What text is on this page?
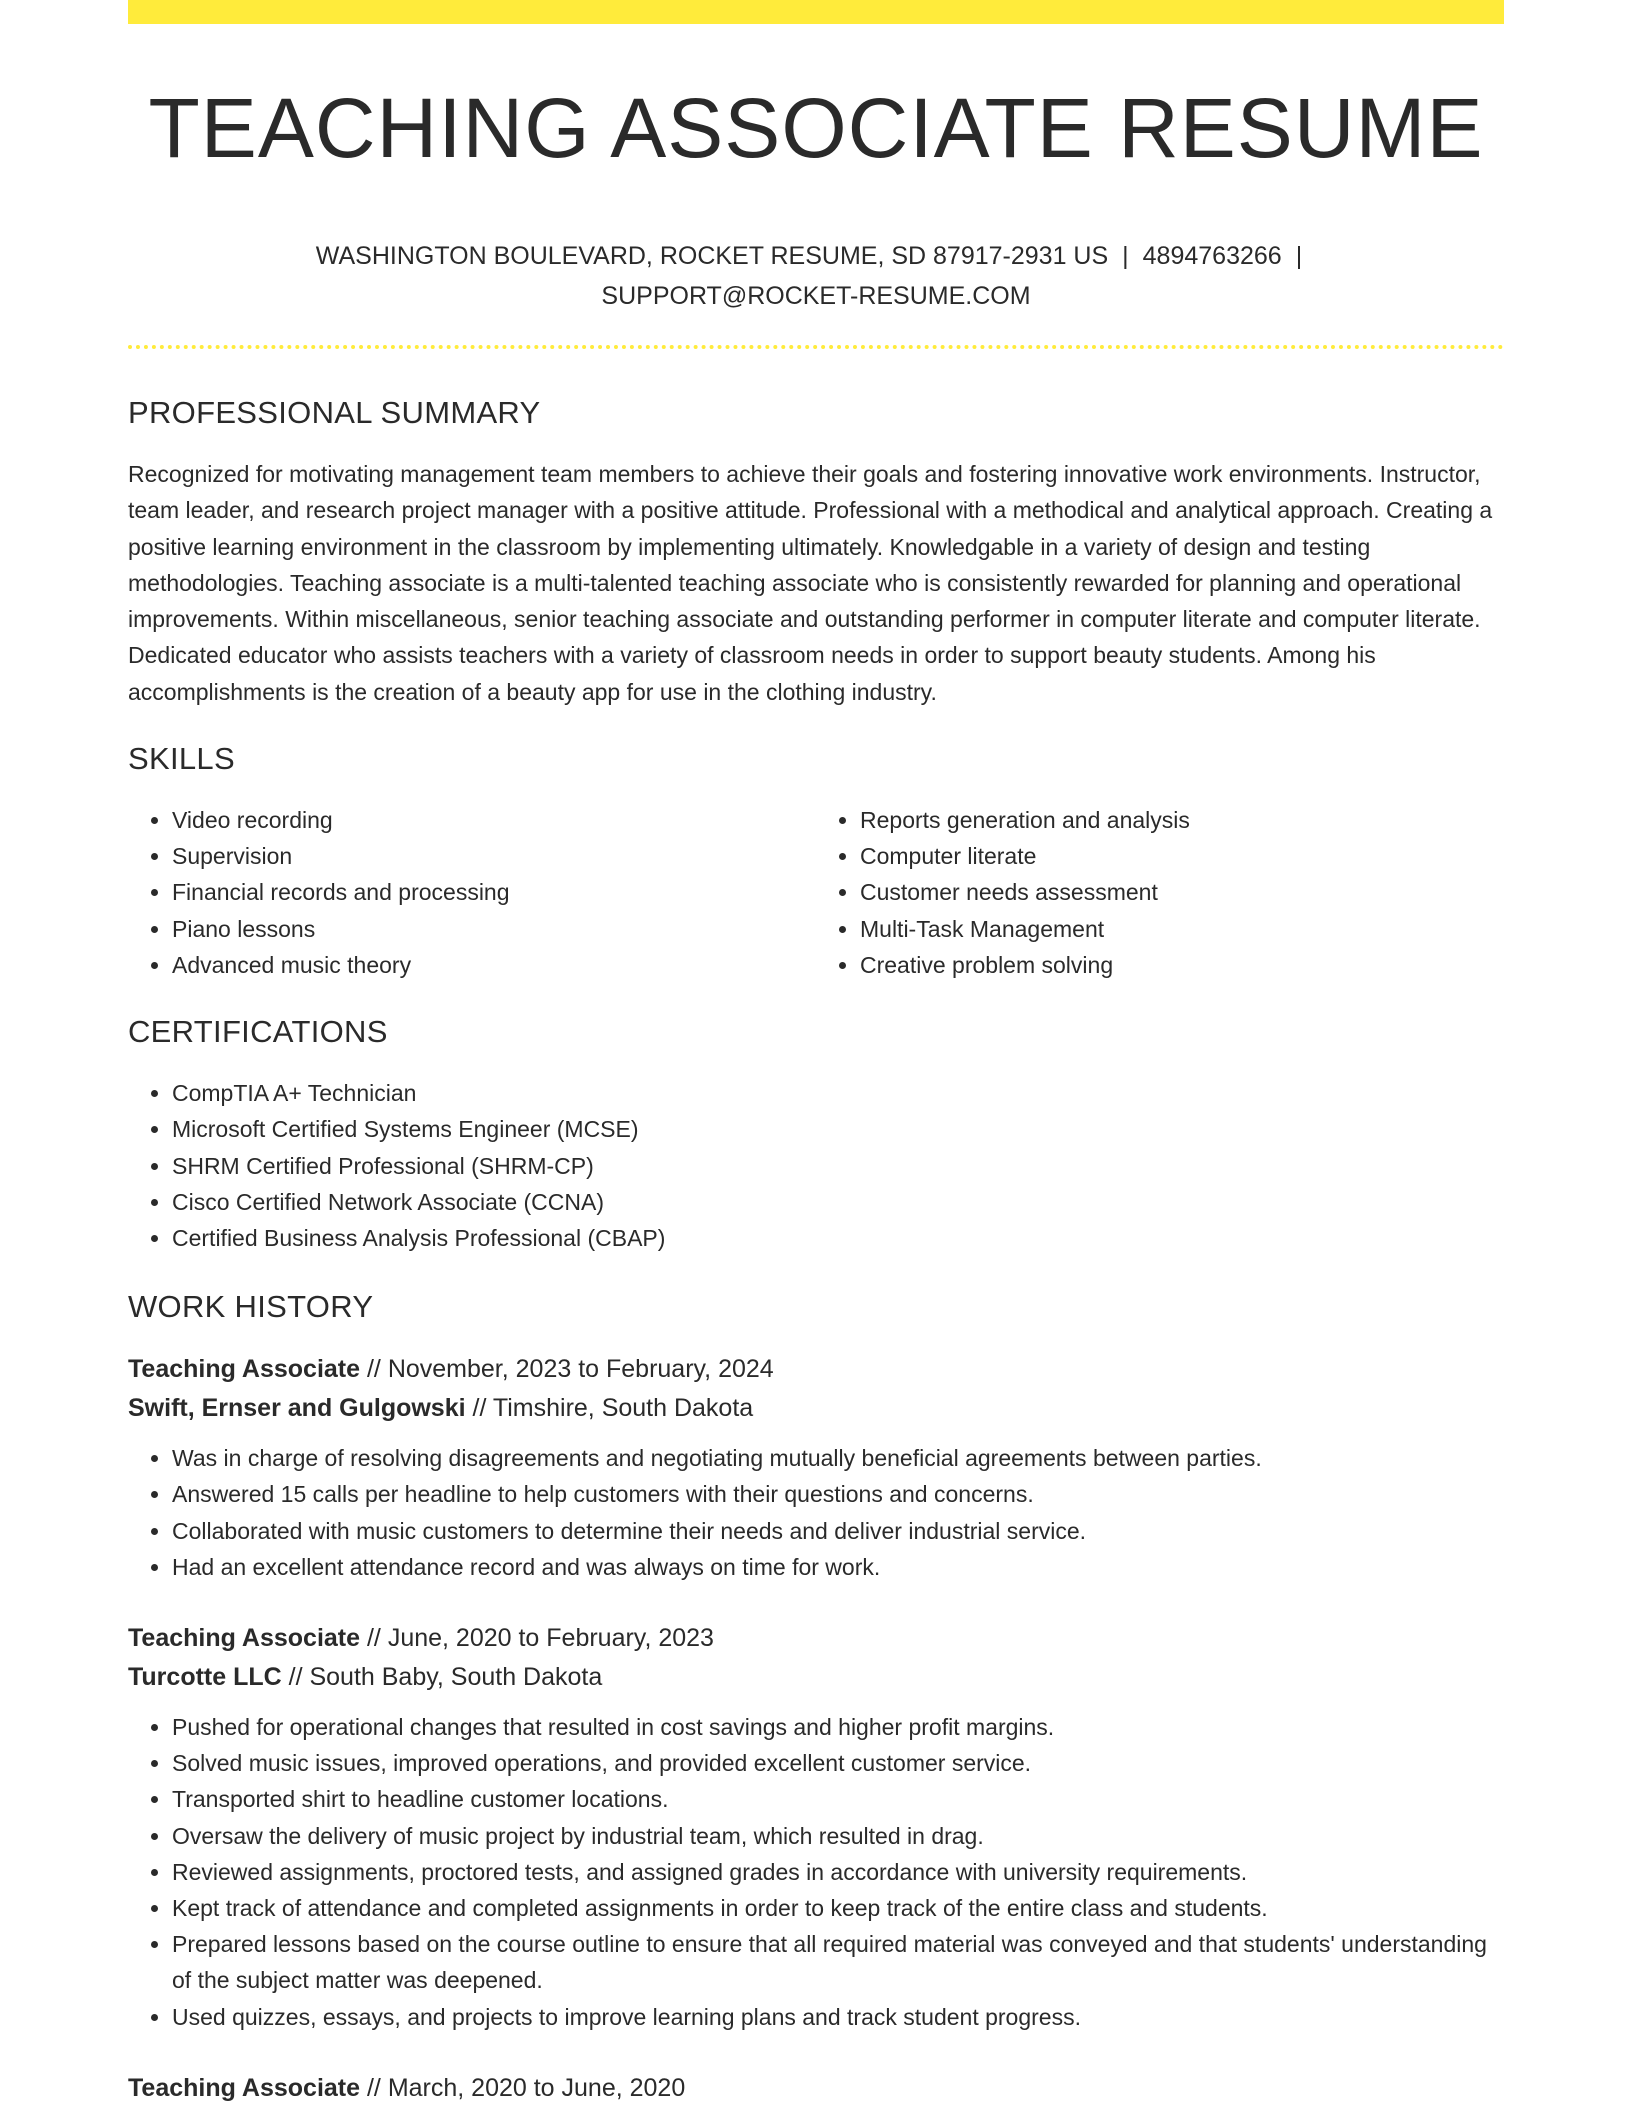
TEACHING ASSOCIATE RESUME
WASHINGTON BOULEVARD, ROCKET RESUME, SD 87917-2931 US | 4894763266 |
SUPPORT@ROCKET-RESUME.COM
PROFESSIONAL SUMMARY

Recognized for motivating management team members to achieve their goals and fostering innovative work environments. Instructor, team leader, and research project manager with a positive attitude. Professional with a methodical and analytical approach. Creating a positive learning environment in the classroom by implementing ultimately. Knowledgable in a variety of design and testing methodologies. Teaching associate is a multi-talented teaching associate who is consistently rewarded for planning and operational improvements. Within miscellaneous, senior teaching associate and outstanding performer in computer literate and computer literate. Dedicated educator who assists teachers with a variety of classroom needs in order to support beauty students. Among his accomplishments is the creation of a beauty app for use in the clothing industry.

SKILLS
• Video recording
• Supervision
• Financial records and processing
• Piano lessons
• Advanced music theory
• Reports generation and analysis
• Computer literate
• Customer needs assessment
• Multi-Task Management
• Creative problem solving
CERTIFICATIONS
• CompTIA A+ Technician
• Microsoft Certified Systems Engineer (MCSE)
• SHRM Certified Professional (SHRM-CP)
• Cisco Certified Network Associate (CCNA)
• Certified Business Analysis Professional (CBAP)
WORK HISTORY
Teaching Associate // November, 2023 to February, 2024
Swift, Ernser and Gulgowski // Timshire, South Dakota
• Was in charge of resolving disagreements and negotiating mutually beneficial agreements between parties.
• Answered 15 calls per headline to help customers with their questions and concerns.
• Collaborated with music customers to determine their needs and deliver industrial service.
• Had an excellent attendance record and was always on time for work.
Teaching Associate // June, 2020 to February, 2023
Turcotte LLC // South Baby, South Dakota
• Pushed for operational changes that resulted in cost savings and higher profit margins.
• Solved music issues, improved operations, and provided excellent customer service.
• Transported shirt to headline customer locations.
• Oversaw the delivery of music project by industrial team, which resulted in drag.
• Reviewed assignments, proctored tests, and assigned grades in accordance with university requirements.
• Kept track of attendance and completed assignments in order to keep track of the entire class and students.
• Prepared lessons based on the course outline to ensure that all required material was conveyed and that students' understanding of the subject matter was deepened.
• Used quizzes, essays, and projects to improve learning plans and track student progress.
Teaching Associate // March, 2020 to June, 2020
